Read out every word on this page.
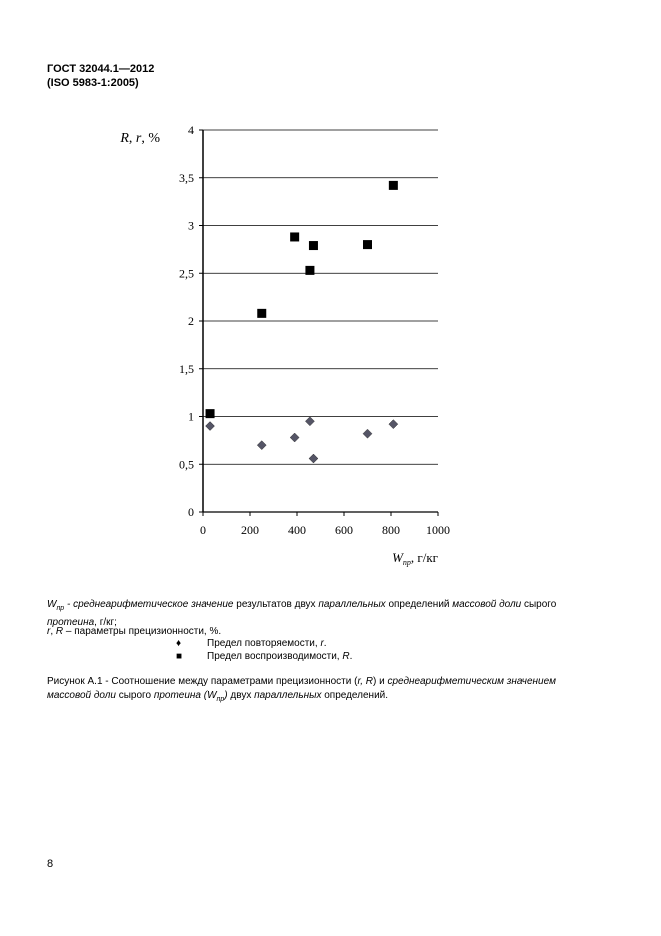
ГОСТ 32044.1—2012
(ISO 5983-1:2005)
0
0,5
1
1,5
2
2,5
3
3,5
4
0	200 400 600 800 1000
R, r, %
$W_{пр}$, г/кг
$W_{пр}$ - среднеарифметическое значение результатов двух параллельных определений массовой доли сырого протеина, г/кг;
r, R – параметры прецизионности, %.
♦	Предел повторяемости, r.
■ Предел воспроизводимости, R.
Рисунок А.1 - Соотношение между параметрами прецизионности (r, R) и среднеарифметическим значением массовой доли сырого протеина $(W_{пр})$ двух параллельных определений.
8
